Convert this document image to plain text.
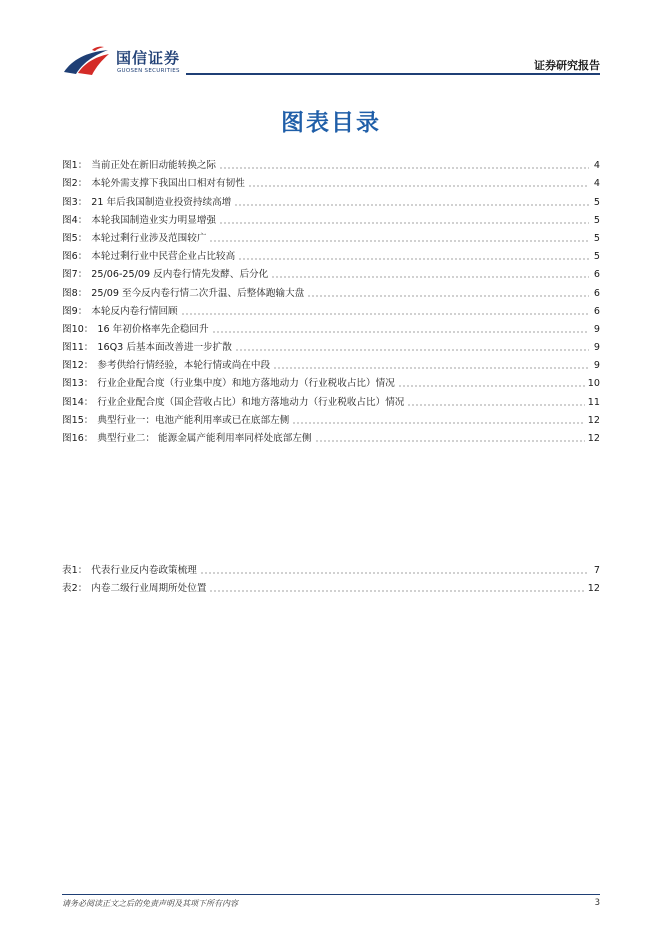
国信证券
GUOSEN SECURITIES	证券研究报告
图表目录
图1： 当前正处在新旧动能转换之际	4
图2： 本轮外需支撑下我国出口相对有韧性	4
图3： 21 年后我国制造业投资持续高增	5
图4： 本轮我国制造业实力明显增强	5
图5： 本轮过剩行业涉及范围较广	5
图6： 本轮过剩行业中民营企业占比较高	5
图7： 25/06-25/09 反内卷行情先发酵、后分化	6
图8： 25/09 至今反内卷行情二次升温、后整体跑输大盘	6
图9： 本轮反内卷行情回顾	6
图10： 16 年初价格率先企稳回升	9
图11： 16Q3 后基本面改善进一步扩散	9
图12： 参考供给行情经验，本轮行情或尚在中段	9
图13： 行业企业配合度（行业集中度）和地方落地动力（行业税收占比）情况	10
图14： 行业企业配合度（国企营收占比）和地方落地动力（行业税收占比）情况	11
图15： 典型行业一：电池产能利用率或已在底部左侧	12
图16： 典型行业二： 能源金属产能利用率同样处底部左侧	12
表1： 代表行业反内卷政策梳理	7
表2： 内卷二级行业周期所处位置	12
请务必阅读正文之后的免责声明及其项下所有内容	3
